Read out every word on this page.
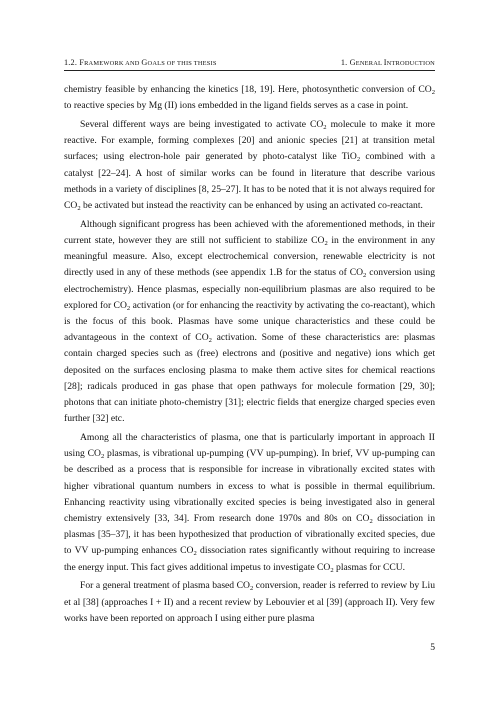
1.2. FRAMEWORK AND GOALS OF THIS THESIS	1. GENERAL INTRODUCTION

chemistry feasible by enhancing the kinetics [18, 19]. Here, photosynthetic conversion of $CO_2$ to reactive species by Mg (II) ions embedded in the ligand fields serves as a case in point.

Several different ways are being investigated to activate $CO_2$ molecule to make it more reactive. For example, forming complexes [20] and anionic species [21] at transition metal surfaces; using electron-hole pair generated by photo-catalyst like TiO$_2$ combined with a catalyst [22–24]. A host of similar works can be found in literature that describe various methods in a variety of disciplines [8, 25–27]. It has to be noted that it is not always required for $CO_2$ be activated but instead the reactivity can be enhanced by using an activated co-reactant.

Although significant progress has been achieved with the aforementioned methods, in their current state, however they are still not sufficient to stabilize $CO_2$ in the environment in any meaningful measure. Also, except electrochemical conversion, renewable electricity is not directly used in any of these methods (see appendix 1.B for the status of $CO_2$ conversion using electrochemistry). Hence plasmas, especially non-equilibrium plasmas are also required to be explored for $CO_2$ activation (or for enhancing the reactivity by activating the co-reactant), which is the focus of this book. Plasmas have some unique characteristics and these could be advantageous in the context of $CO_2$ activation. Some of these characteristics are: plasmas contain charged species such as (free) electrons and (positive and negative) ions which get deposited on the surfaces enclosing plasma to make them active sites for chemical reactions [28]; radicals produced in gas phase that open pathways for molecule formation [29, 30]; photons that can initiate photo-chemistry [31]; electric fields that energize charged species even further [32] etc.

Among all the characteristics of plasma, one that is particularly important in approach II using $CO_2$ plasmas, is vibrational up-pumping (VV up-pumping). In brief, VV up-pumping can be described as a process that is responsible for increase in vibrationally excited states with higher vibrational quantum numbers in excess to what is possible in thermal equilibrium. Enhancing reactivity using vibrationally excited species is being investigated also in general chemistry extensively [33, 34]. From research done 1970s and 80s on $CO_2$ dissociation in plasmas [35–37], it has been hypothesized that production of vibrationally excited species, due to VV up-pumping enhances $CO_2$ dissociation rates significantly without requiring to increase the energy input. This fact gives additional impetus to investigate $CO_2$ plasmas for CCU.

For a general treatment of plasma based $CO_2$ conversion, reader is referred to review by Liu et al [38] (approaches I + II) and a recent review by Lebouvier et al [39] (approach II). Very few works have been reported on approach I using either pure plasma

5
